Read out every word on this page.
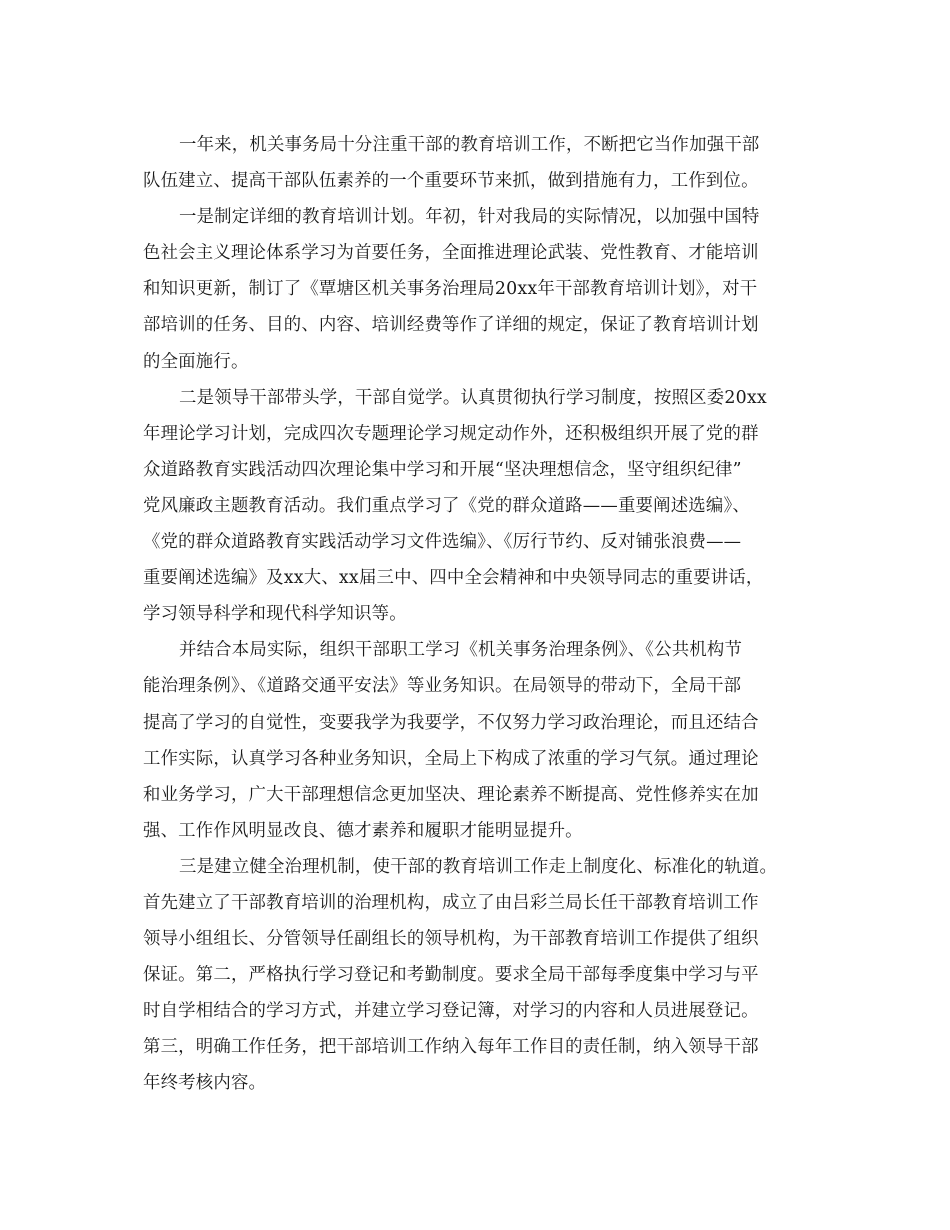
一年来，机关事务局十分注重干部的教育培训工作，不断把它当作加强干部
队伍建立、提高干部队伍素养的一个重要环节来抓，做到措施有力，工作到位。
一是制定详细的教育培训计划。年初，针对我局的实际情况，以加强中国特
色社会主义理论体系学习为首要任务，全面推进理论武装、党性教育、才能培训
和知识更新，制订了《覃塘区机关事务治理局20xx年干部教育培训计划》，对干
部培训的任务、目的、内容、培训经费等作了详细的规定，保证了教育培训计划
的全面施行。
二是领导干部带头学，干部自觉学。认真贯彻执行学习制度，按照区委20xx
年理论学习计划，完成四次专题理论学习规定动作外，还积极组织开展了党的群
众道路教育实践活动四次理论集中学习和开展“坚决理想信念，坚守组织纪律”
党风廉政主题教育活动。我们重点学习了《党的群众道路——重要阐述选编》、
《党的群众道路教育实践活动学习文件选编》、《厉行节约、反对铺张浪费——
重要阐述选编》及xx大、xx届三中、四中全会精神和中央领导同志的重要讲话，
学习领导科学和现代科学知识等。
并结合本局实际，组织干部职工学习《机关事务治理条例》、《公共机构节
能治理条例》、《道路交通平安法》等业务知识。在局领导的带动下，全局干部
提高了学习的自觉性，变要我学为我要学，不仅努力学习政治理论，而且还结合
工作实际，认真学习各种业务知识，全局上下构成了浓重的学习气氛。通过理论
和业务学习，广大干部理想信念更加坚决、理论素养不断提高、党性修养实在加
强、工作作风明显改良、德才素养和履职才能明显提升。
三是建立健全治理机制，使干部的教育培训工作走上制度化、标准化的轨道。
首先建立了干部教育培训的治理机构，成立了由吕彩兰局长任干部教育培训工作
领导小组组长、分管领导任副组长的领导机构，为干部教育培训工作提供了组织
保证。第二，严格执行学习登记和考勤制度。要求全局干部每季度集中学习与平
时自学相结合的学习方式，并建立学习登记簿，对学习的内容和人员进展登记。
第三，明确工作任务，把干部培训工作纳入每年工作目的责任制，纳入领导干部
年终考核内容。
